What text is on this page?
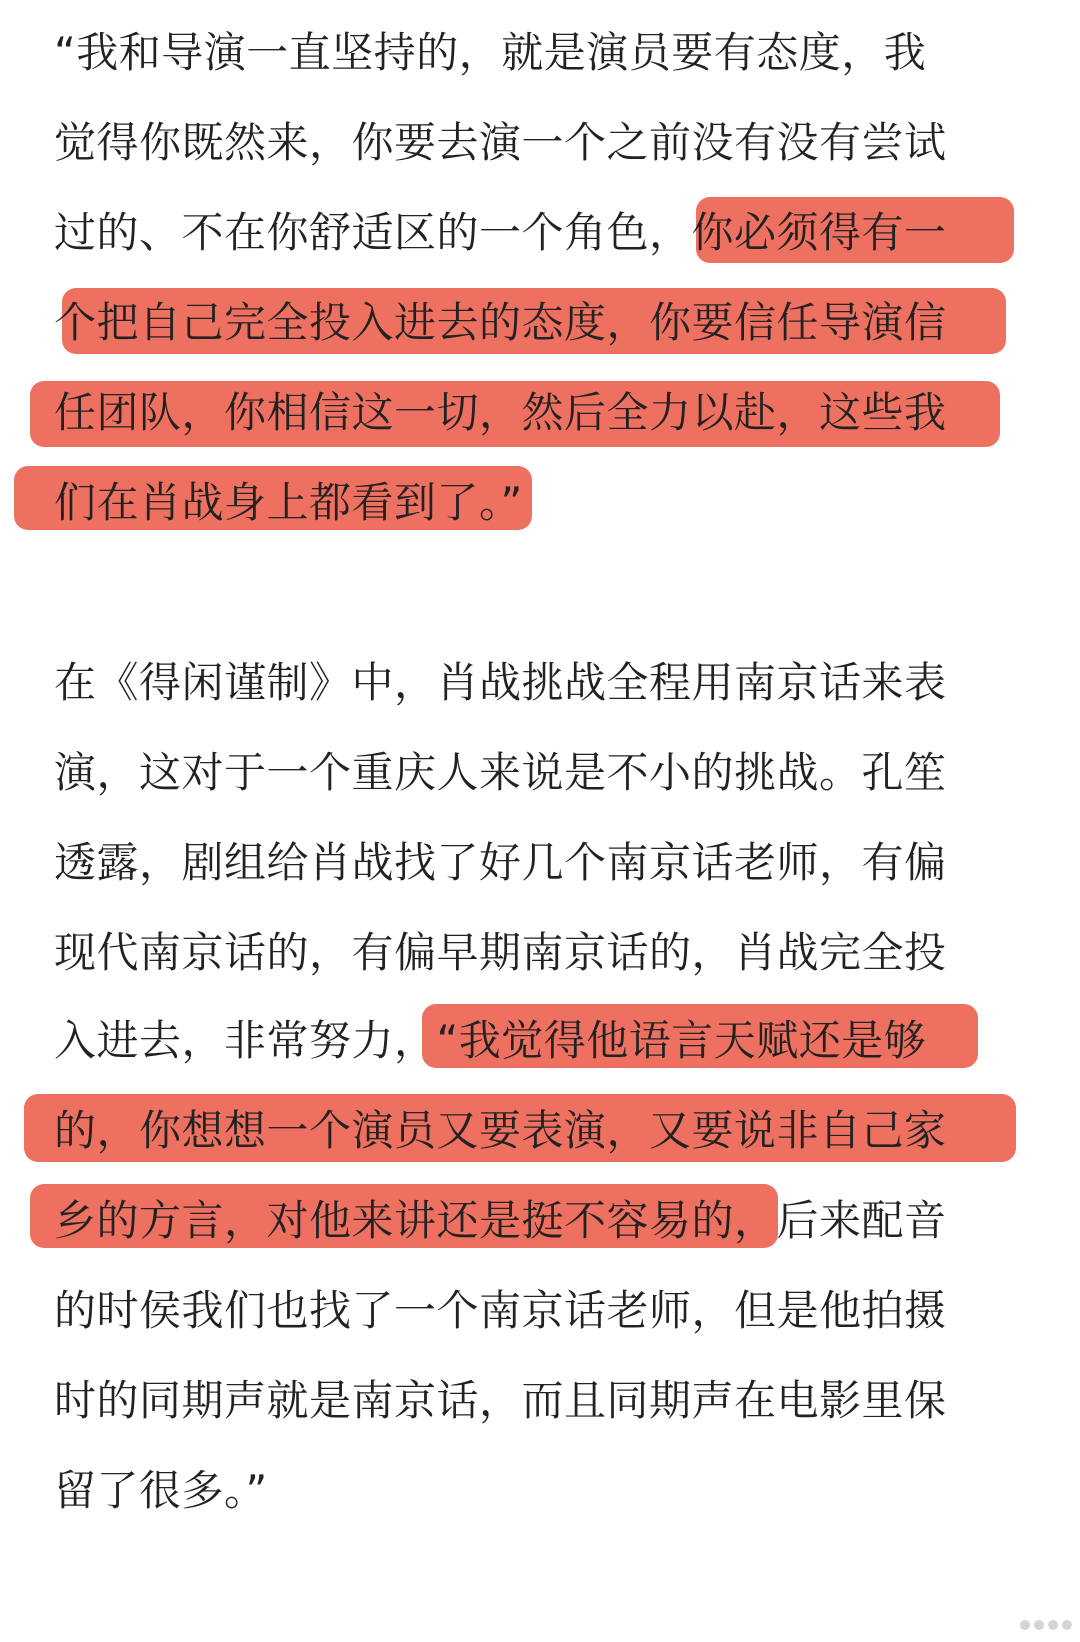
“我和导演一直坚持的，就是演员要有态度，我
觉得你既然来，你要去演一个之前没有没有尝试
过的、不在你舒适区的一个角色，你必须得有一
个把自己完全投入进去的态度，你要信任导演信
任团队，你相信这一切，然后全力以赴，这些我
们在肖战身上都看到了。”
在《得闲谨制》中，肖战挑战全程用南京话来表
演，这对于一个重庆人来说是不小的挑战。孔笙
透露，剧组给肖战找了好几个南京话老师，有偏
现代南京话的，有偏早期南京话的，肖战完全投
入进去，非常努力，“我觉得他语言天赋还是够
的，你想想一个演员又要表演，又要说非自己家
乡的方言，对他来讲还是挺不容易的，后来配音
的时侯我们也找了一个南京话老师，但是他拍摄
时的同期声就是南京话，而且同期声在电影里保
留了很多。”
